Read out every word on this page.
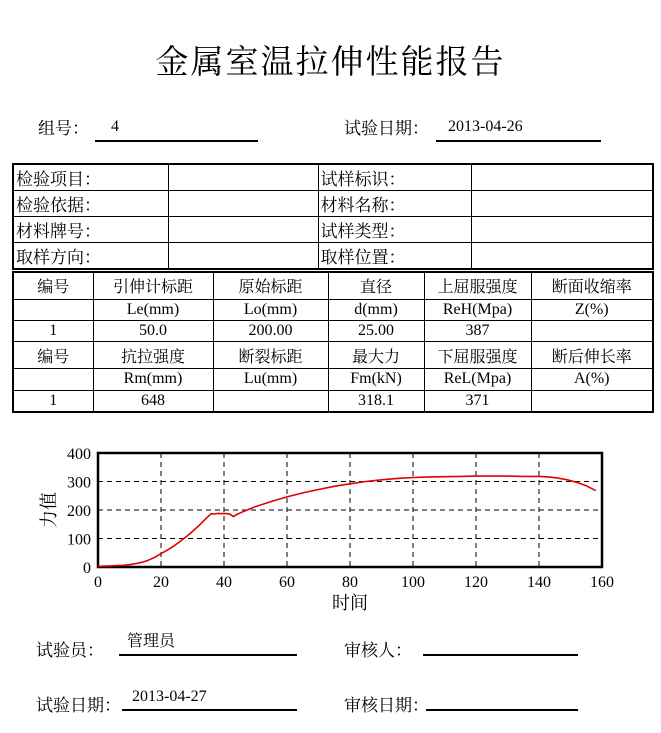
金属室温拉伸性能报告
组号：	4	试验日期：	2013-04-26
检验项目：		试样标识：	
检验依据：		材料名称：	
材料牌号：		试样类型：	
取样方向：		取样位置：	
编号	引伸计标距	原始标距	直径	上屈服强度	断面收缩率
	Le(mm)	Lo(mm)	d(mm)	ReH(Mpa)	Z(%)
1	50.0	200.00	25.00	387	
编号	抗拉强度	断裂标距	最大力	下屈服强度	断后伸长率
	Rm(mm)	Lu(mm)	Fm(kN)	ReL(Mpa)	A(%)
1	648		318.1	371	
0	20	40	60	80	100 120 140 160
0
100
200
300
400
时间
力值
试验员：	管理员	审核人：
试验日期： 2013-04-27	审核日期：
